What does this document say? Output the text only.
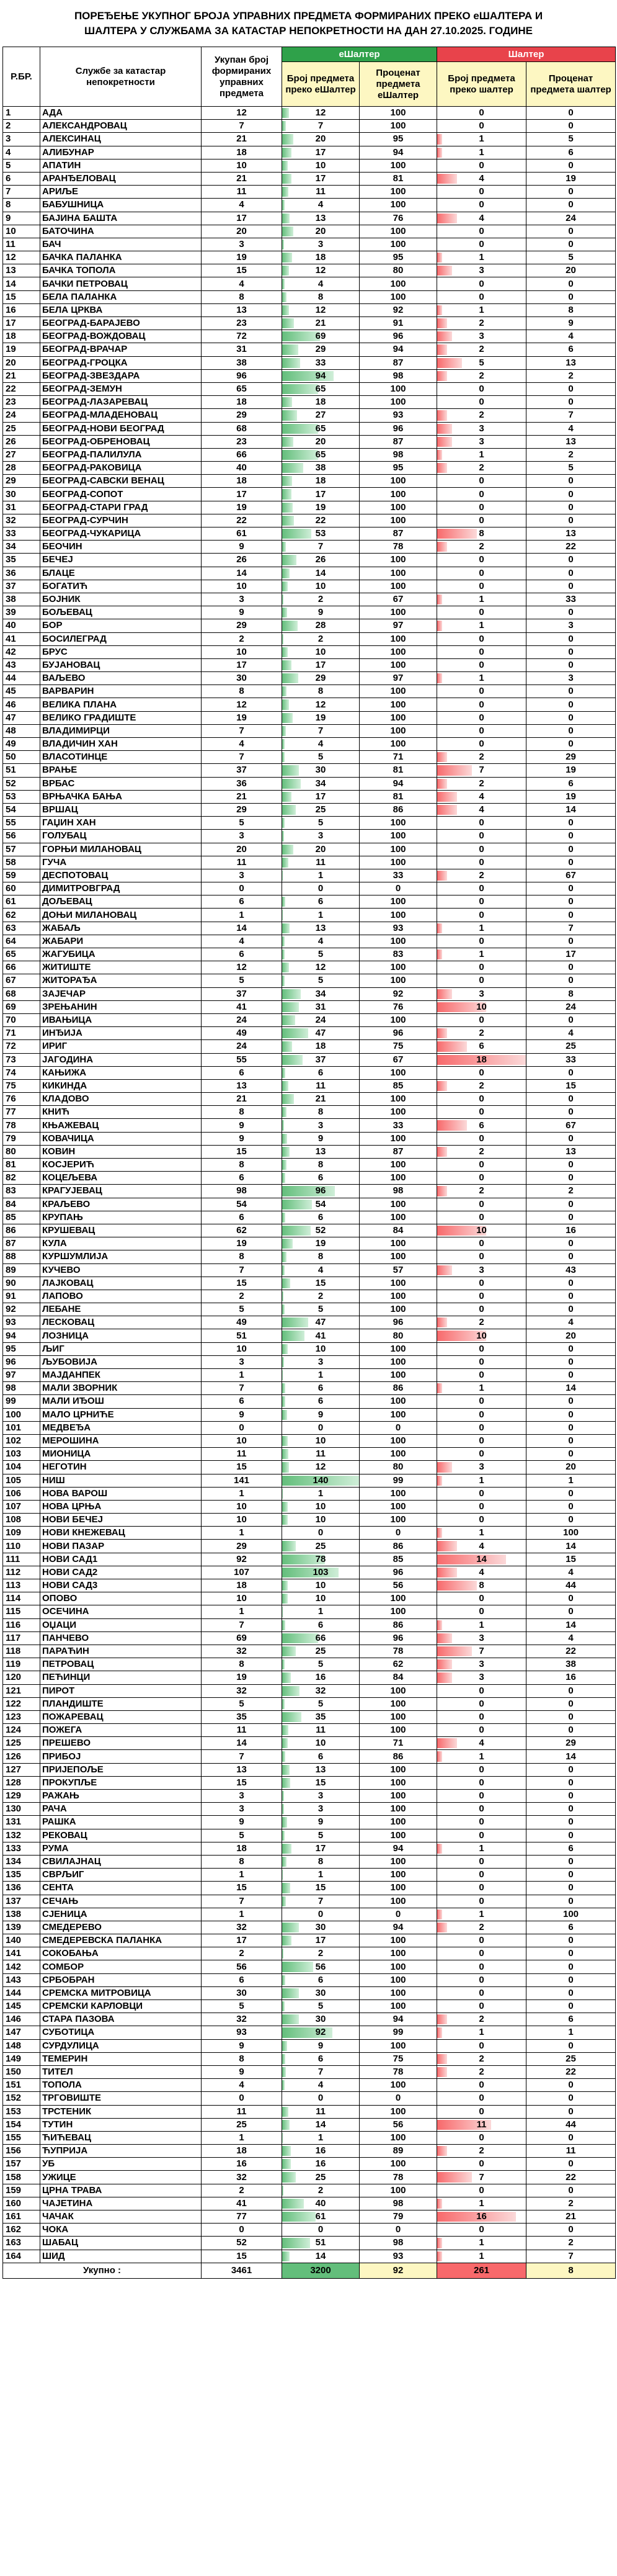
ПОРЕЂЕЊЕ УКУПНОГ БРОЈА УПРАВНИХ ПРЕДМЕТА ФОРМИРАНИХ ПРЕКО еШАЛТЕРА И
ШАЛТЕРА У СЛУЖБАМА ЗА КАТАСТАР НЕПОКРЕТНОСТИ НА ДАН 27.10.2025. ГОДИНЕ
Р.БР.	Службе за катастар непокретности	Укупан број формираних управних предмета	еШалтер		Шалтер	
			Број предмета преко еШалтер	Проценат предмета еШалтер	Број предмета преко шалтер	Проценат предмета шалтер
1	АДА	12	12	100	0	0
2	АЛЕКСАНДРОВАЦ	7	7	100	0	0
3	АЛЕКСИНАЦ	21	20	95	1	5
4	АЛИБУНАР	18	17	94	1	6
5	АПАТИН	10	10	100	0	0
6	АРАНЂЕЛОВАЦ	21	17	81	4	19
7	АРИЉЕ	11	11	100	0	0
8	БАБУШНИЦА	4	4	100	0	0
9	БАЈИНА БАШТА	17	13	76	4	24
10	БАТОЧИНА	20	20	100	0	0
11	БАЧ	3	3	100	0	0
12	БАЧКА ПАЛАНКА	19	18	95	1	5
13	БАЧКА ТОПОЛА	15	12	80	3	20
14	БАЧКИ ПЕТРОВАЦ	4	4	100	0	0
15	БЕЛА ПАЛАНКА	8	8	100	0	0
16	БЕЛА ЦРКВА	13	12	92	1	8
17	БЕОГРАД-БАРАЈЕВО	23	21	91	2	9
18	БЕОГРАД-ВОЖДОВАЦ	72	69	96	3	4
19	БЕОГРАД-ВРАЧАР	31	29	94	2	6
20	БЕОГРАД-ГРОЦКА	38	33	87	5	13
21	БЕОГРАД-ЗВЕЗДАРА	96	94	98	2	2
22	БЕОГРАД-ЗЕМУН	65	65	100	0	0
23	БЕОГРАД-ЛАЗАРЕВАЦ	18	18	100	0	0
24	БЕОГРАД-МЛАДЕНОВАЦ	29	27	93	2	7
25	БЕОГРАД-НОВИ БЕОГРАД	68	65	96	3	4
26	БЕОГРАД-ОБРЕНОВАЦ	23	20	87	3	13
27	БЕОГРАД-ПАЛИЛУЛА	66	65	98	1	2
28	БЕОГРАД-РАКОВИЦА	40	38	95	2	5
29	БЕОГРАД-САВСКИ ВЕНАЦ	18	18	100	0	0
30	БЕОГРАД-СОПОТ	17	17	100	0	0
31	БЕОГРАД-СТАРИ ГРАД	19	19	100	0	0
32	БЕОГРАД-СУРЧИН	22	22	100	0	0
33	БЕОГРАД-ЧУКАРИЦА	61	53	87	8	13
34	БЕОЧИН	9	7	78	2	22
35	БЕЧЕЈ	26	26	100	0	0
36	БЛАЦЕ	14	14	100	0	0
37	БОГАТИЋ	10	10	100	0	0
38	БОЈНИК	3	2	67	1	33
39	БОЉЕВАЦ	9	9	100	0	0
40	БОР	29	28	97	1	3
41	БОСИЛЕГРАД	2	2	100	0	0
42	БРУС	10	10	100	0	0
43	БУЈАНОВАЦ	17	17	100	0	0
44	ВАЉЕВО	30	29	97	1	3
45	ВАРВАРИН	8	8	100	0	0
46	ВЕЛИКА ПЛАНА	12	12	100	0	0
47	ВЕЛИКО ГРАДИШТЕ	19	19	100	0	0
48	ВЛАДИМИРЦИ	7	7	100	0	0
49	ВЛАДИЧИН ХАН	4	4	100	0	0
50	ВЛАСОТИНЦЕ	7	5	71	2	29
51	ВРАЊЕ	37	30	81	7	19
52	ВРБАС	36	34	94	2	6
53	ВРЊАЧКА БАЊА	21	17	81	4	19
54	ВРШАЦ	29	25	86	4	14
55	ГАЏИН ХАН	5	5	100	0	0
56	ГОЛУБАЦ	3	3	100	0	0
57	ГОРЊИ МИЛАНОВАЦ	20	20	100	0	0
58	ГУЧА	11	11	100	0	0
59	ДЕСПОТОВАЦ	3	1	33	2	67
60	ДИМИТРОВГРАД	0	0	0	0	0
61	ДОЉЕВАЦ	6	6	100	0	0
62	ДОЊИ МИЛАНОВАЦ	1	1	100	0	0
63	ЖАБАЉ	14	13	93	1	7
64	ЖАБАРИ	4	4	100	0	0
65	ЖАГУБИЦА	6	5	83	1	17
66	ЖИТИШТЕ	12	12	100	0	0
67	ЖИТОРАЂА	5	5	100	0	0
68	ЗАЈЕЧАР	37	34	92	3	8
69	ЗРЕЊАНИН	41	31	76	10	24
70	ИВАЊИЦА	24	24	100	0	0
71	ИНЂИЈА	49	47	96	2	4
72	ИРИГ	24	18	75	6	25
73	ЈАГОДИНА	55	37	67	18	33
74	КАЊИЖА	6	6	100	0	0
75	КИКИНДА	13	11	85	2	15
76	КЛАДОВО	21	21	100	0	0
77	КНИЋ	8	8	100	0	0
78	КЊАЖЕВАЦ	9	3	33	6	67
79	КОВАЧИЦА	9	9	100	0	0
80	КОВИН	15	13	87	2	13
81	КОСЈЕРИЋ	8	8	100	0	0
82	КОЦЕЉЕВА	6	6	100	0	0
83	КРАГУЈЕВАЦ	98	96	98	2	2
84	КРАЉЕВО	54	54	100	0	0
85	КРУПАЊ	6	6	100	0	0
86	КРУШЕВАЦ	62	52	84	10	16
87	КУЛА	19	19	100	0	0
88	КУРШУМЛИЈА	8	8	100	0	0
89	КУЧЕВО	7	4	57	3	43
90	ЛАЈКОВАЦ	15	15	100	0	0
91	ЛАПОВО	2	2	100	0	0
92	ЛЕБАНЕ	5	5	100	0	0
93	ЛЕСКОВАЦ	49	47	96	2	4
94	ЛОЗНИЦА	51	41	80	10	20
95	ЉИГ	10	10	100	0	0
96	ЉУБОВИЈА	3	3	100	0	0
97	МАЈДАНПЕК	1	1	100	0	0
98	МАЛИ ЗВОРНИК	7	6	86	1	14
99	МАЛИ ИЂОШ	6	6	100	0	0
100	МАЛО ЦРНИЋЕ	9	9	100	0	0
101	МЕДВЕЂА	0	0	0	0	0
102	МЕРОШИНА	10	10	100	0	0
103	МИОНИЦА	11	11	100	0	0
104	НЕГОТИН	15	12	80	3	20
105	НИШ	141	140	99	1	1
106	НОВА ВАРОШ	1	1	100	0	0
107	НОВА ЦРЊА	10	10	100	0	0
108	НОВИ БЕЧЕЈ	10	10	100	0	0
109	НОВИ КНЕЖЕВАЦ	1	0	0	1	100
110	НОВИ ПАЗАР	29	25	86	4	14
111	НОВИ САД1	92	78	85	14	15
112	НОВИ САД2	107	103	96	4	4
113	НОВИ САД3	18	10	56	8	44
114	ОПОВО	10	10	100	0	0
115	ОСЕЧИНА	1	1	100	0	0
116	ОЏАЦИ	7	6	86	1	14
117	ПАНЧЕВО	69	66	96	3	4
118	ПАРАЋИН	32	25	78	7	22
119	ПЕТРОВАЦ	8	5	62	3	38
120	ПЕЋИНЦИ	19	16	84	3	16
121	ПИРОТ	32	32	100	0	0
122	ПЛАНДИШТЕ	5	5	100	0	0
123	ПОЖАРЕВАЦ	35	35	100	0	0
124	ПОЖЕГА	11	11	100	0	0
125	ПРЕШЕВО	14	10	71	4	29
126	ПРИБОЈ	7	6	86	1	14
127	ПРИЈЕПОЉЕ	13	13	100	0	0
128	ПРОКУПЉЕ	15	15	100	0	0
129	РАЖАЊ	3	3	100	0	0
130	РАЧА	3	3	100	0	0
131	РАШКА	9	9	100	0	0
132	РЕКОВАЦ	5	5	100	0	0
133	РУМА	18	17	94	1	6
134	СВИЛАЈНАЦ	8	8	100	0	0
135	СВРЉИГ	1	1	100	0	0
136	СЕНТА	15	15	100	0	0
137	СЕЧАЊ	7	7	100	0	0
138	СЈЕНИЦА	1	0	0	1	100
139	СМЕДЕРЕВО	32	30	94	2	6
140	СМЕДЕРЕВСКА ПАЛАНКА	17	17	100	0	0
141	СОКОБАЊА	2	2	100	0	0
142	СОМБОР	56	56	100	0	0
143	СРБОБРАН	6	6	100	0	0
144	СРЕМСКА МИТРОВИЦА	30	30	100	0	0
145	СРЕМСКИ КАРЛОВЦИ	5	5	100	0	0
146	СТАРА ПАЗОВА	32	30	94	2	6
147	СУБОТИЦА	93	92	99	1	1
148	СУРДУЛИЦА	9	9	100	0	0
149	ТЕМЕРИН	8	6	75	2	25
150	ТИТЕЛ	9	7	78	2	22
151	ТОПОЛА	4	4	100	0	0
152	ТРГОВИШТЕ	0	0	0	0	0
153	ТРСТЕНИК	11	11	100	0	0
154	ТУТИН	25	14	56	11	44
155	ЋИЋЕВАЦ	1	1	100	0	0
156	ЋУПРИЈА	18	16	89	2	11
157	УБ	16	16	100	0	0
158	УЖИЦЕ	32	25	78	7	22
159	ЦРНА ТРАВА	2	2	100	0	0
160	ЧАЈЕТИНА	41	40	98	1	2
161	ЧАЧАК	77	61	79	16	21
162	ЧОКА	0	0	0	0	0
163	ШАБАЦ	52	51	98	1	2
164	ШИД	15	14	93	1	7
Укупно :		3461	3200	92	261	8
